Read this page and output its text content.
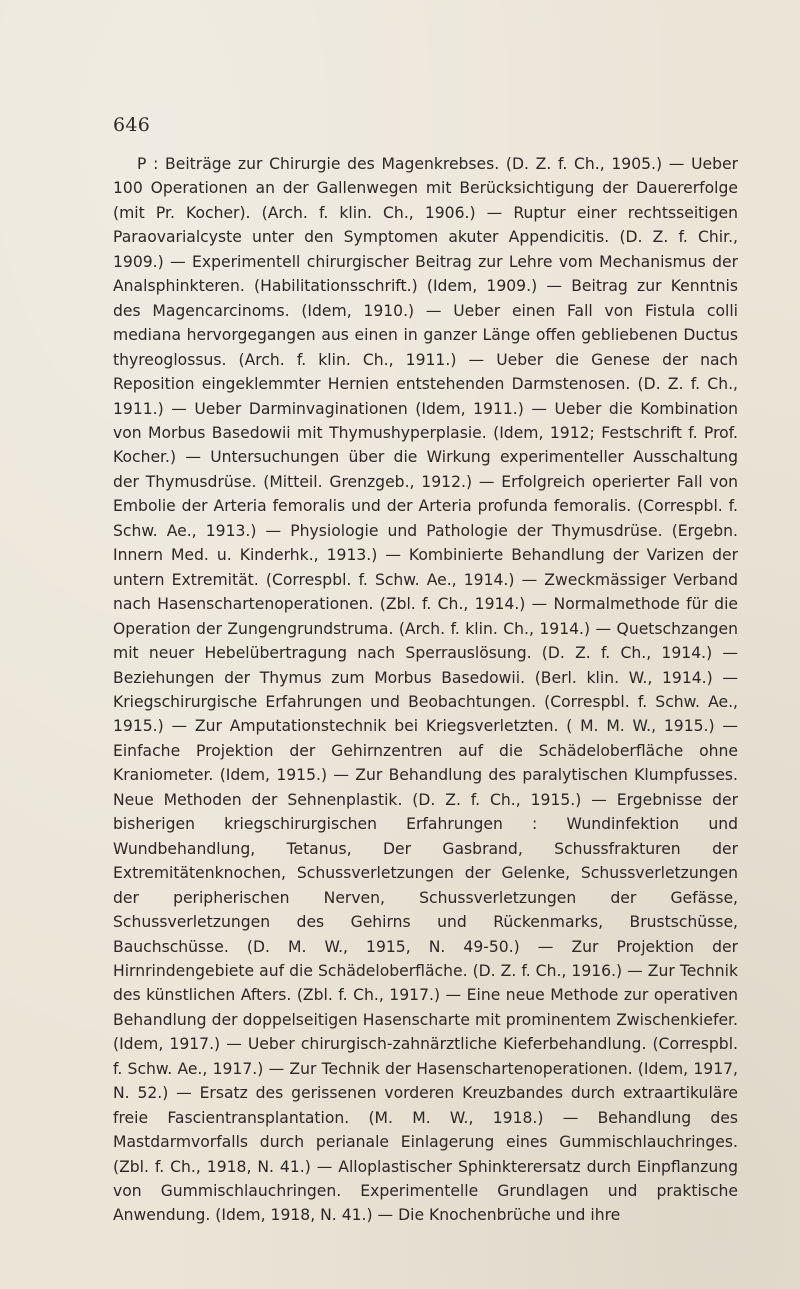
646

P : Beiträge zur Chirurgie des Magenkrebses. (D. Z. f. Ch., 1905.) — Ueber 100 Operationen an der Gallenwegen mit Berücksichtigung der Dauererfolge (mit Pr. Kocher). (Arch. f. klin. Ch., 1906.) — Ruptur einer rechtsseitigen Paraovarialcyste unter den Symptomen akuter Appendicitis. (D. Z. f. Chir., 1909.) — Experimentell chirurgischer Beitrag zur Lehre vom Mechanismus der Analsphinkteren. (Habilitationsschrift.) (Idem, 1909.) — Beitrag zur Kenntnis des Magencarcinoms. (Idem, 1910.) — Ueber einen Fall von Fistula colli mediana hervorgegangen aus einen in ganzer Länge offen gebliebenen Ductus thyreoglossus. (Arch. f. klin. Ch., 1911.) — Ueber die Genese der nach Reposition eingeklemmter Hernien entstehenden Darmstenosen. (D. Z. f. Ch., 1911.) — Ueber Darminvaginationen (Idem, 1911.) — Ueber die Kombination von Morbus Basedowii mit Thymushyperplasie. (Idem, 1912; Festschrift f. Prof. Kocher.) — Untersuchungen über die Wirkung experimenteller Ausschaltung der Thymusdrüse. (Mitteil. Grenzgeb., 1912.) — Erfolgreich operierter Fall von Embolie der Arteria femoralis und der Arteria profunda femoralis. (Correspbl. f. Schw. Ae., 1913.) — Physiologie und Pathologie der Thymusdrüse. (Ergebn. Innern Med. u. Kinderhk., 1913.) — Kombinierte Behandlung der Varizen der untern Extremität. (Correspbl. f. Schw. Ae., 1914.) — Zweckmässiger Verband nach Hasenschartenoperationen. (Zbl. f. Ch., 1914.) — Normalmethode für die Operation der Zungengrundstruma. (Arch. f. klin. Ch., 1914.) — Quetschzangen mit neuer Hebelübertragung nach Sperrauslösung. (D. Z. f. Ch., 1914.) — Beziehungen der Thymus zum Morbus Basedowii. (Berl. klin. W., 1914.) — Kriegschirurgische Erfahrungen und Beobachtungen. (Correspbl. f. Schw. Ae., 1915.) — Zur Amputationstechnik bei Kriegsverletzten. ( M. M. W., 1915.) — Einfache Projektion der Gehirnzentren auf die Schädeloberfläche ohne Kraniometer. (Idem, 1915.) — Zur Behandlung des paralytischen Klumpfusses. Neue Methoden der Sehnenplastik. (D. Z. f. Ch., 1915.) — Ergebnisse der bisherigen kriegschirurgischen Erfahrungen : Wundinfektion und Wundbehandlung, Tetanus, Der Gasbrand, Schussfrakturen der Extremitätenknochen, Schussverletzungen der Gelenke, Schussverletzungen der peripherischen Nerven, Schussverletzungen der Gefässe, Schussverletzungen des Gehirns und Rückenmarks, Brustschüsse, Bauchschüsse. (D. M. W., 1915, N. 49-50.) — Zur Projektion der Hirnrindengebiete auf die Schädeloberfläche. (D. Z. f. Ch., 1916.) — Zur Technik des künstlichen Afters. (Zbl. f. Ch., 1917.) — Eine neue Methode zur operativen Behandlung der doppelseitigen Hasenscharte mit prominentem Zwischenkiefer. (Idem, 1917.) — Ueber chirurgisch-zahnärztliche Kieferbehandlung. (Correspbl. f. Schw. Ae., 1917.) — Zur Technik der Hasenschartenoperationen. (Idem, 1917, N. 52.) — Ersatz des gerissenen vorderen Kreuzbandes durch extraartikuläre freie Fascientransplantation. (M. M. W., 1918.) — Behandlung des Mastdarmvorfalls durch perianale Einlagerung eines Gummischlauchringes. (Zbl. f. Ch., 1918, N. 41.) — Alloplastischer Sphinkterersatz durch Einpflanzung von Gummischlauchringen. Experimentelle Grundlagen und praktische Anwendung. (Idem, 1918, N. 41.) — Die Knochenbrüche und ihre
